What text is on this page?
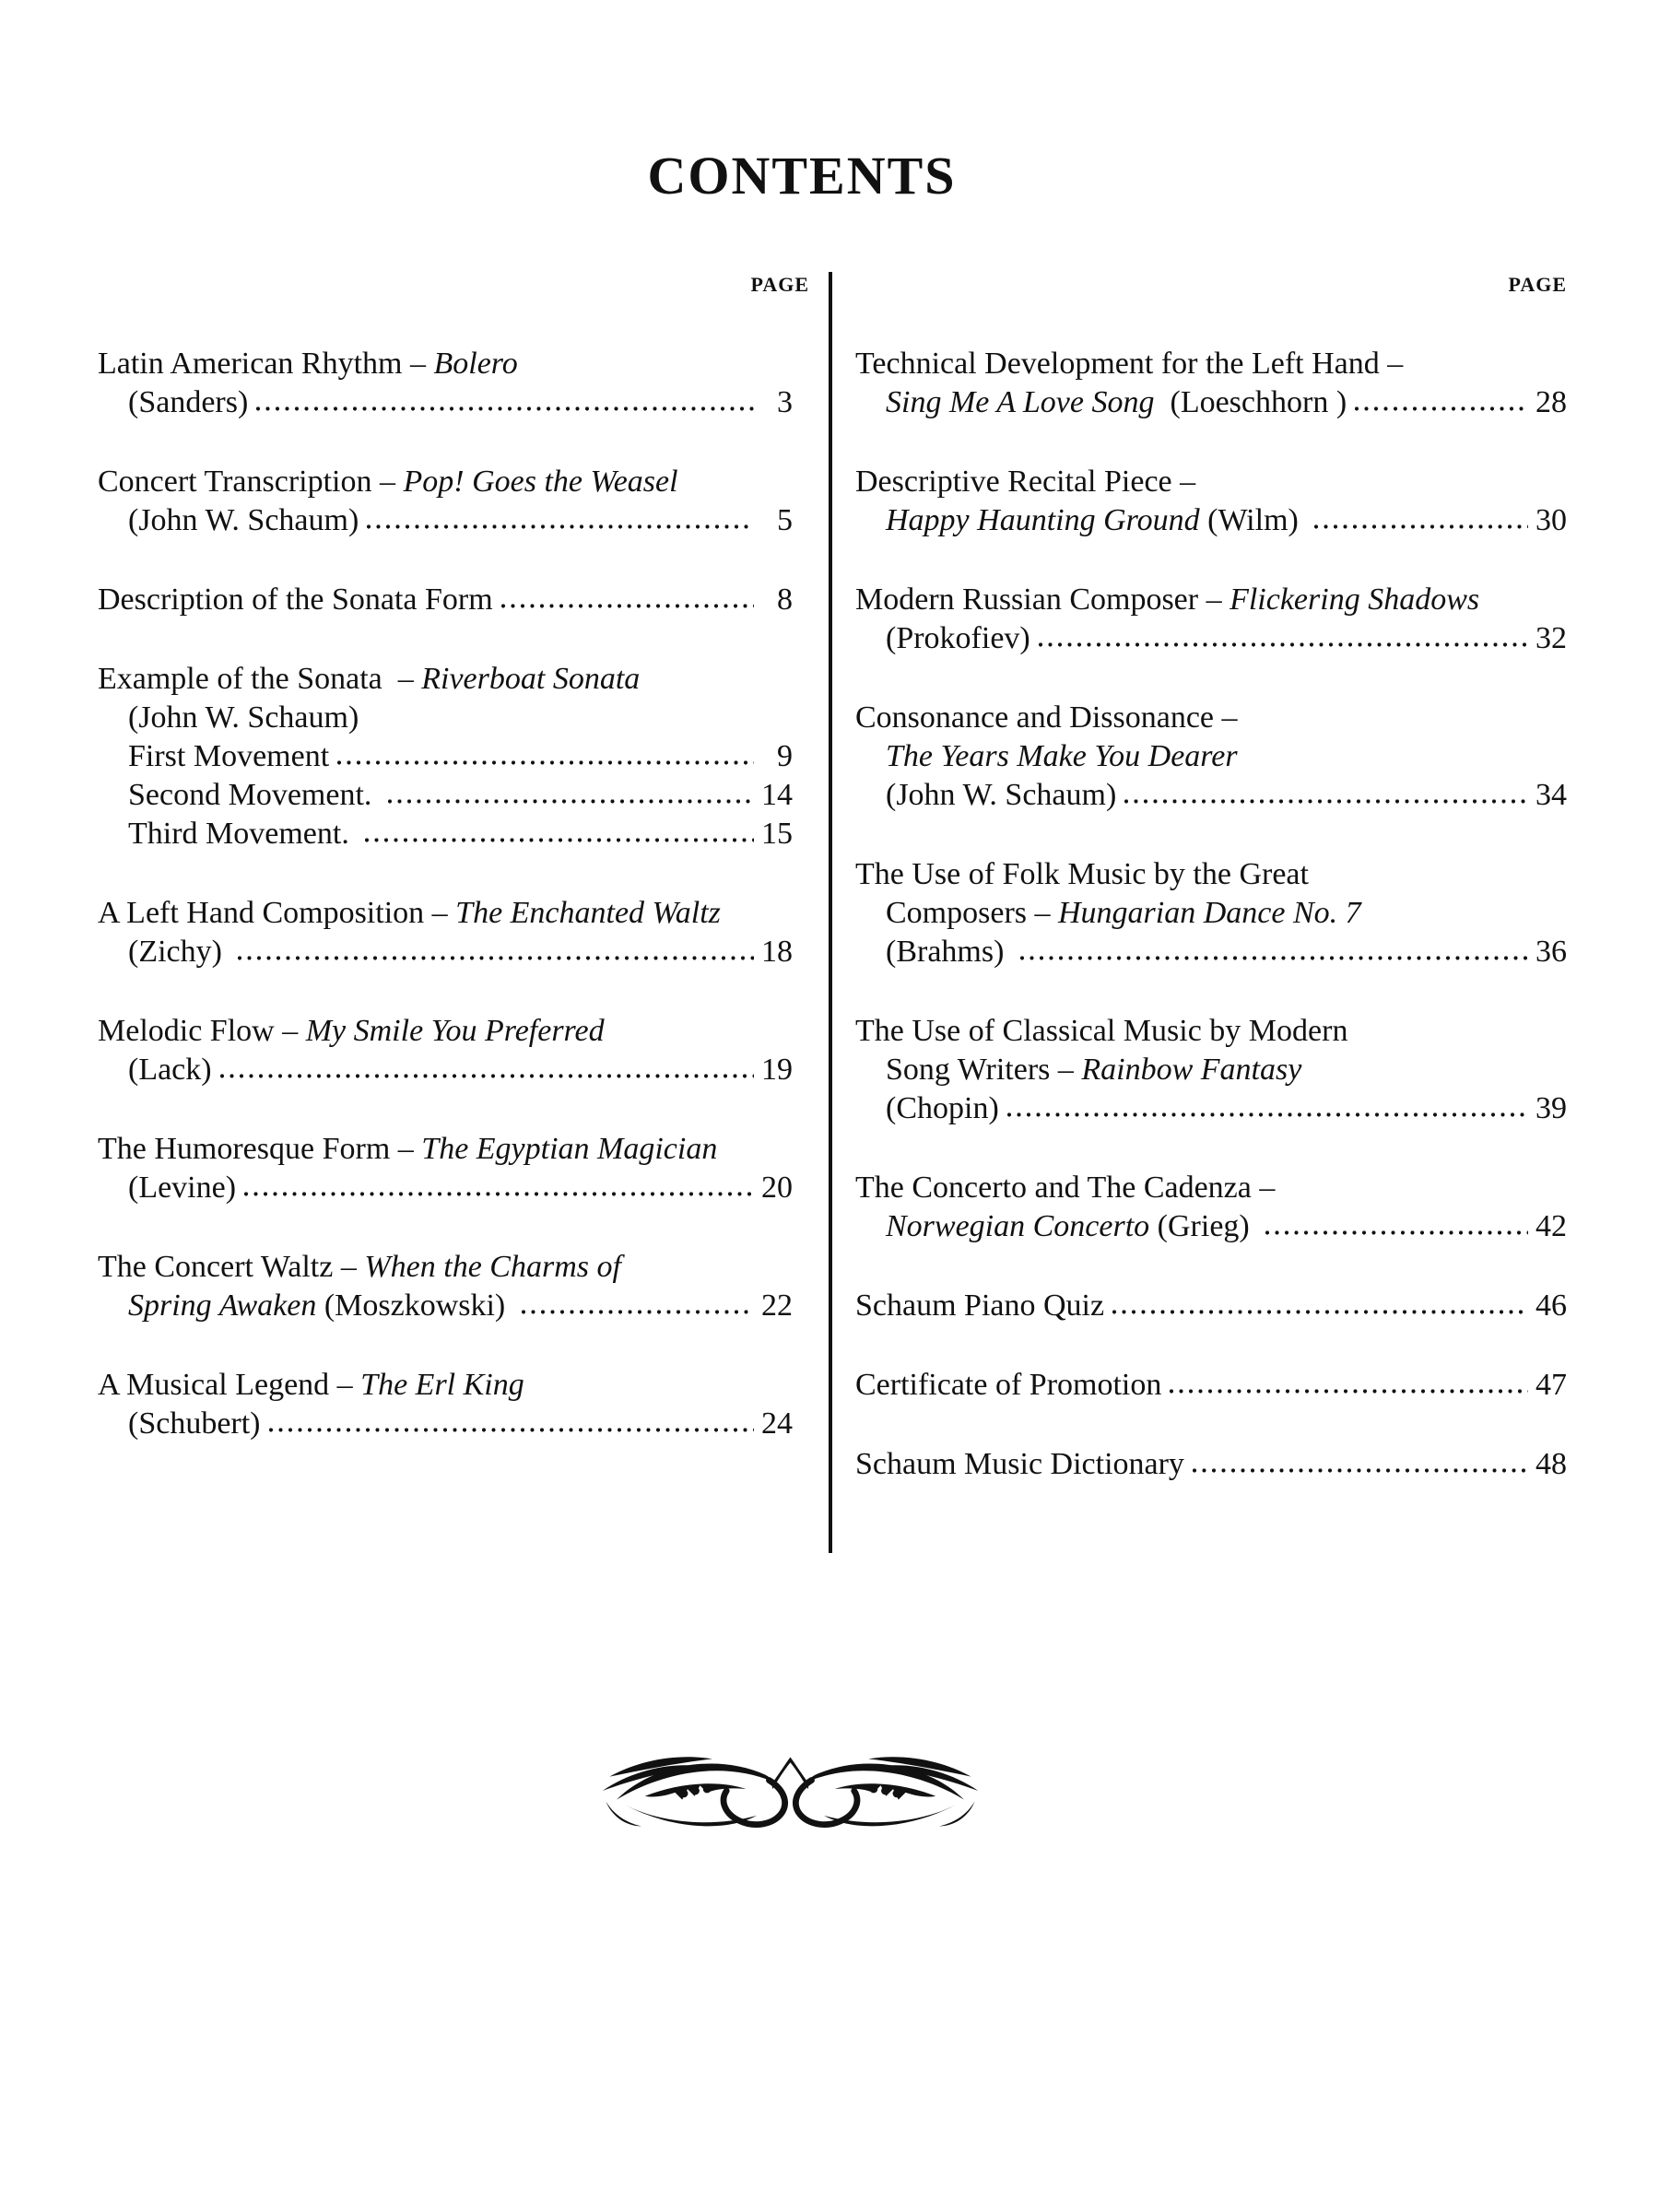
CONTENTS
PAGE
Latin American Rhythm – Bolero
(Sanders)	3
Concert Transcription – Pop! Goes the Weasel
(John W. Schaum)	5
Description of the Sonata Form	8
Example of the Sonata  – Riverboat Sonata
(John W. Schaum)
First Movement	9
Second Movement.	14
Third Movement.	15
A Left Hand Composition – The Enchanted Waltz
(Zichy)	18
Melodic Flow – My Smile You Preferred
(Lack)	19
The Humoresque Form – The Egyptian Magician
(Levine)	20
The Concert Waltz – When the Charms of
Spring Awaken (Moszkowski)	22
A Musical Legend – The Erl King
(Schubert)	24
PAGE
Technical Development for the Left Hand –
Sing Me A Love Song (Loeschhorn )	28
Descriptive Recital Piece –
Happy Haunting Ground (Wilm)	30
Modern Russian Composer – Flickering Shadows
(Prokofiev)	32
Consonance and Dissonance –
The Years Make You Dearer
(John W. Schaum)	34
The Use of Folk Music by the Great
Composers – Hungarian Dance No. 7
(Brahms)	36
The Use of Classical Music by Modern
Song Writers – Rainbow Fantasy
(Chopin)	39
The Concerto and The Cadenza –
Norwegian Concerto (Grieg)	42
Schaum Piano Quiz	46
Certificate of Promotion	47
Schaum Music Dictionary	48
